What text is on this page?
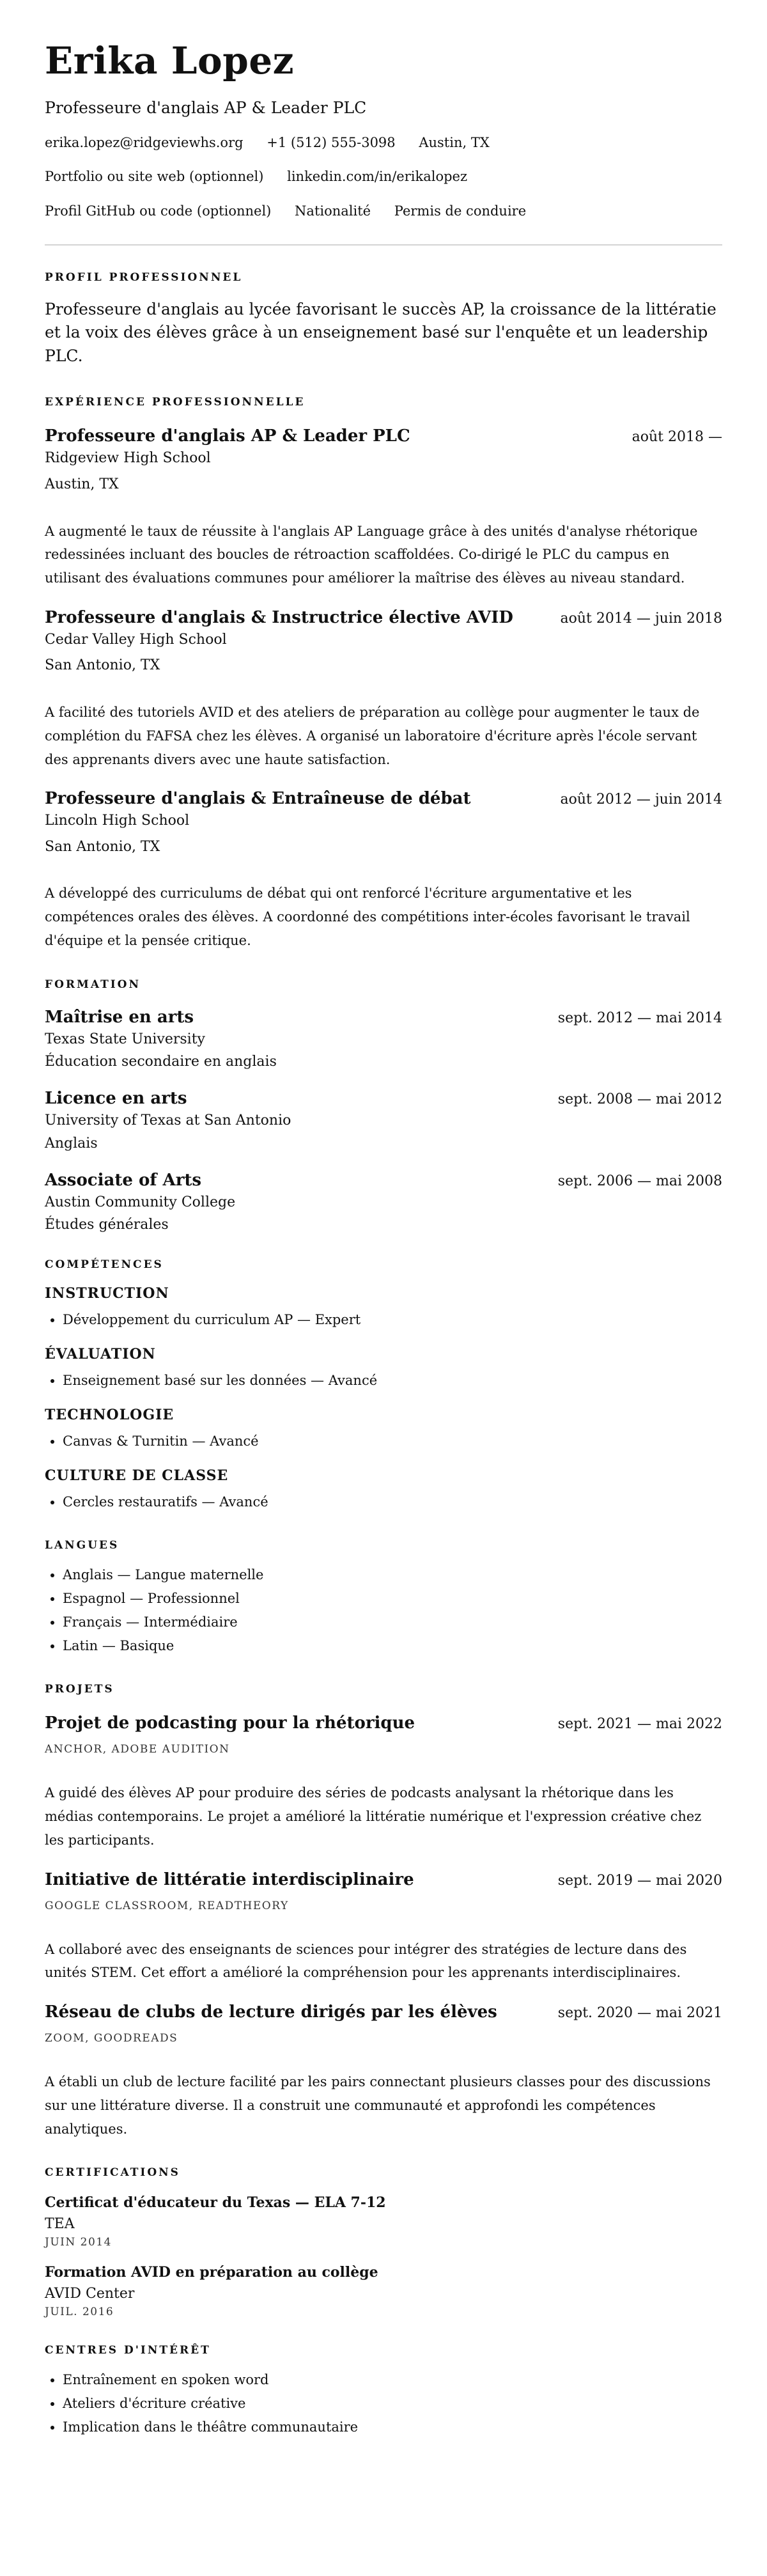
Erika Lopez
Professeure d'anglais AP & Leader PLC
erika.lopez@ridgeviewhs.org +1 (512) 555-3098 Austin, TX
Portfolio ou site web (optionnel) linkedin.com/in/erikalopez
Profil GitHub ou code (optionnel) Nationalité Permis de conduire
PROFIL PROFESSIONNEL
Professeure d'anglais au lycée favorisant le succès AP, la croissance de la littératie et la voix des élèves grâce à un enseignement basé sur l'enquête et un leadership PLC.
EXPÉRIENCE PROFESSIONNELLE
Professeure d'anglais AP & Leader PLC	août 2018 —
Ridgeview High School
Austin, TX
A augmenté le taux de réussite à l'anglais AP Language grâce à des unités d'analyse rhétorique redessinées incluant des boucles de rétroaction scaffoldées. Co-dirigé le PLC du campus en utilisant des évaluations communes pour améliorer la maîtrise des élèves au niveau standard.
Professeure d'anglais & Instructrice élective AVID	août 2014 — juin 2018
Cedar Valley High School
San Antonio, TX
A facilité des tutoriels AVID et des ateliers de préparation au collège pour augmenter le taux de complétion du FAFSA chez les élèves. A organisé un laboratoire d'écriture après l'école servant des apprenants divers avec une haute satisfaction.
Professeure d'anglais & Entraîneuse de débat	août 2012 — juin 2014
Lincoln High School
San Antonio, TX
A développé des curriculums de débat qui ont renforcé l'écriture argumentative et les compétences orales des élèves. A coordonné des compétitions inter-écoles favorisant le travail d'équipe et la pensée critique.
FORMATION
Maîtrise en arts	sept. 2012 — mai 2014
Texas State University
Éducation secondaire en anglais
Licence en arts	sept. 2008 — mai 2012
University of Texas at San Antonio
Anglais
Associate of Arts	sept. 2006 — mai 2008
Austin Community College
Études générales
COMPÉTENCES
INSTRUCTION
• Développement du curriculum AP — Expert
ÉVALUATION
• Enseignement basé sur les données — Avancé
TECHNOLOGIE
• Canvas & Turnitin — Avancé
CULTURE DE CLASSE
• Cercles restauratifs — Avancé
LANGUES
• Anglais — Langue maternelle
• Espagnol — Professionnel
• Français — Intermédiaire
• Latin — Basique
PROJETS
Projet de podcasting pour la rhétorique	sept. 2021 — mai 2022
ANCHOR, ADOBE AUDITION
A guidé des élèves AP pour produire des séries de podcasts analysant la rhétorique dans les médias contemporains. Le projet a amélioré la littératie numérique et l'expression créative chez les participants.
Initiative de littératie interdisciplinaire	sept. 2019 — mai 2020
GOOGLE CLASSROOM, READTHEORY
A collaboré avec des enseignants de sciences pour intégrer des stratégies de lecture dans des unités STEM. Cet effort a amélioré la compréhension pour les apprenants interdisciplinaires.
Réseau de clubs de lecture dirigés par les élèves	sept. 2020 — mai 2021
ZOOM, GOODREADS
A établi un club de lecture facilité par les pairs connectant plusieurs classes pour des discussions sur une littérature diverse. Il a construit une communauté et approfondi les compétences analytiques.
CERTIFICATIONS
Certificat d'éducateur du Texas — ELA 7-12
TEA
JUIN 2014
Formation AVID en préparation au collège
AVID Center
JUIL. 2016
CENTRES D'INTÉRÊT
• Entraînement en spoken word
• Ateliers d'écriture créative
• Implication dans le théâtre communautaire
